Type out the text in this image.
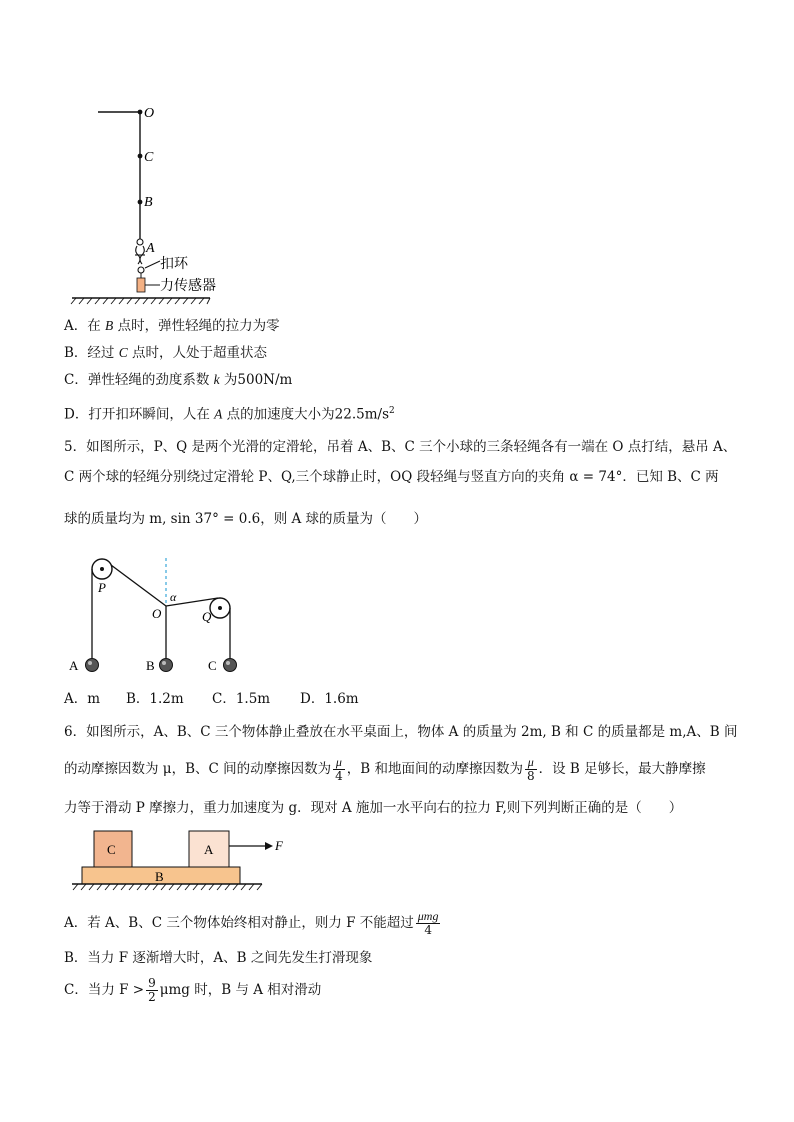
O
C
B
A
扣环
力传感器
A．在 B 点时，弹性轻绳的拉力为零
B．经过 C 点时，人处于超重状态
C．弹性轻绳的劲度系数 k 为500N/m
D．打开扣环瞬间，人在 A 点的加速度大小为$22.5m/s^2$
5．如图所示，P、Q 是两个光滑的定滑轮，吊着 A、B、C 三个小球的三条轻绳各有一端在 O 点打结，悬吊 A、
C 两个球的轻绳分别绕过定滑轮 P、Q,三个球静止时，OQ 段轻绳与竖直方向的夹角 α = 74°．已知 B、C 两
球的质量均为 m, sin 37° = 0.6，则 A 球的质量为（　　）
P
Q
O
α
A	B	C
A．m B．1.2m C．1.5m D．1.6m
6．如图所示，A、B、C 三个物体静止叠放在水平桌面上，物体 A 的质量为 2m, B 和 C 的质量都是 m,A、B 间
的动摩擦因数为 μ，B、C 间的动摩擦因数为 $\frac{\mu}{4}$ ，B 和地面间的动摩擦因数为 $\frac{\mu}{8}$ ．设 B 足够长，最大静摩擦
力等于滑动 P 摩擦力，重力加速度为 g．现对 A 施加一水平向右的拉力 F,则下列判断正确的是（　　）
C	A
B
F
A．若 A、B、C 三个物体始终相对静止，则力 F 不能超过 $\frac{\text{μmg}}{4}$
B．当力 F 逐渐增大时，A、B 之间先发生打滑现象
C．当力 $F > \frac{9}{2}$ μmg 时，B 与 A 相对滑动
